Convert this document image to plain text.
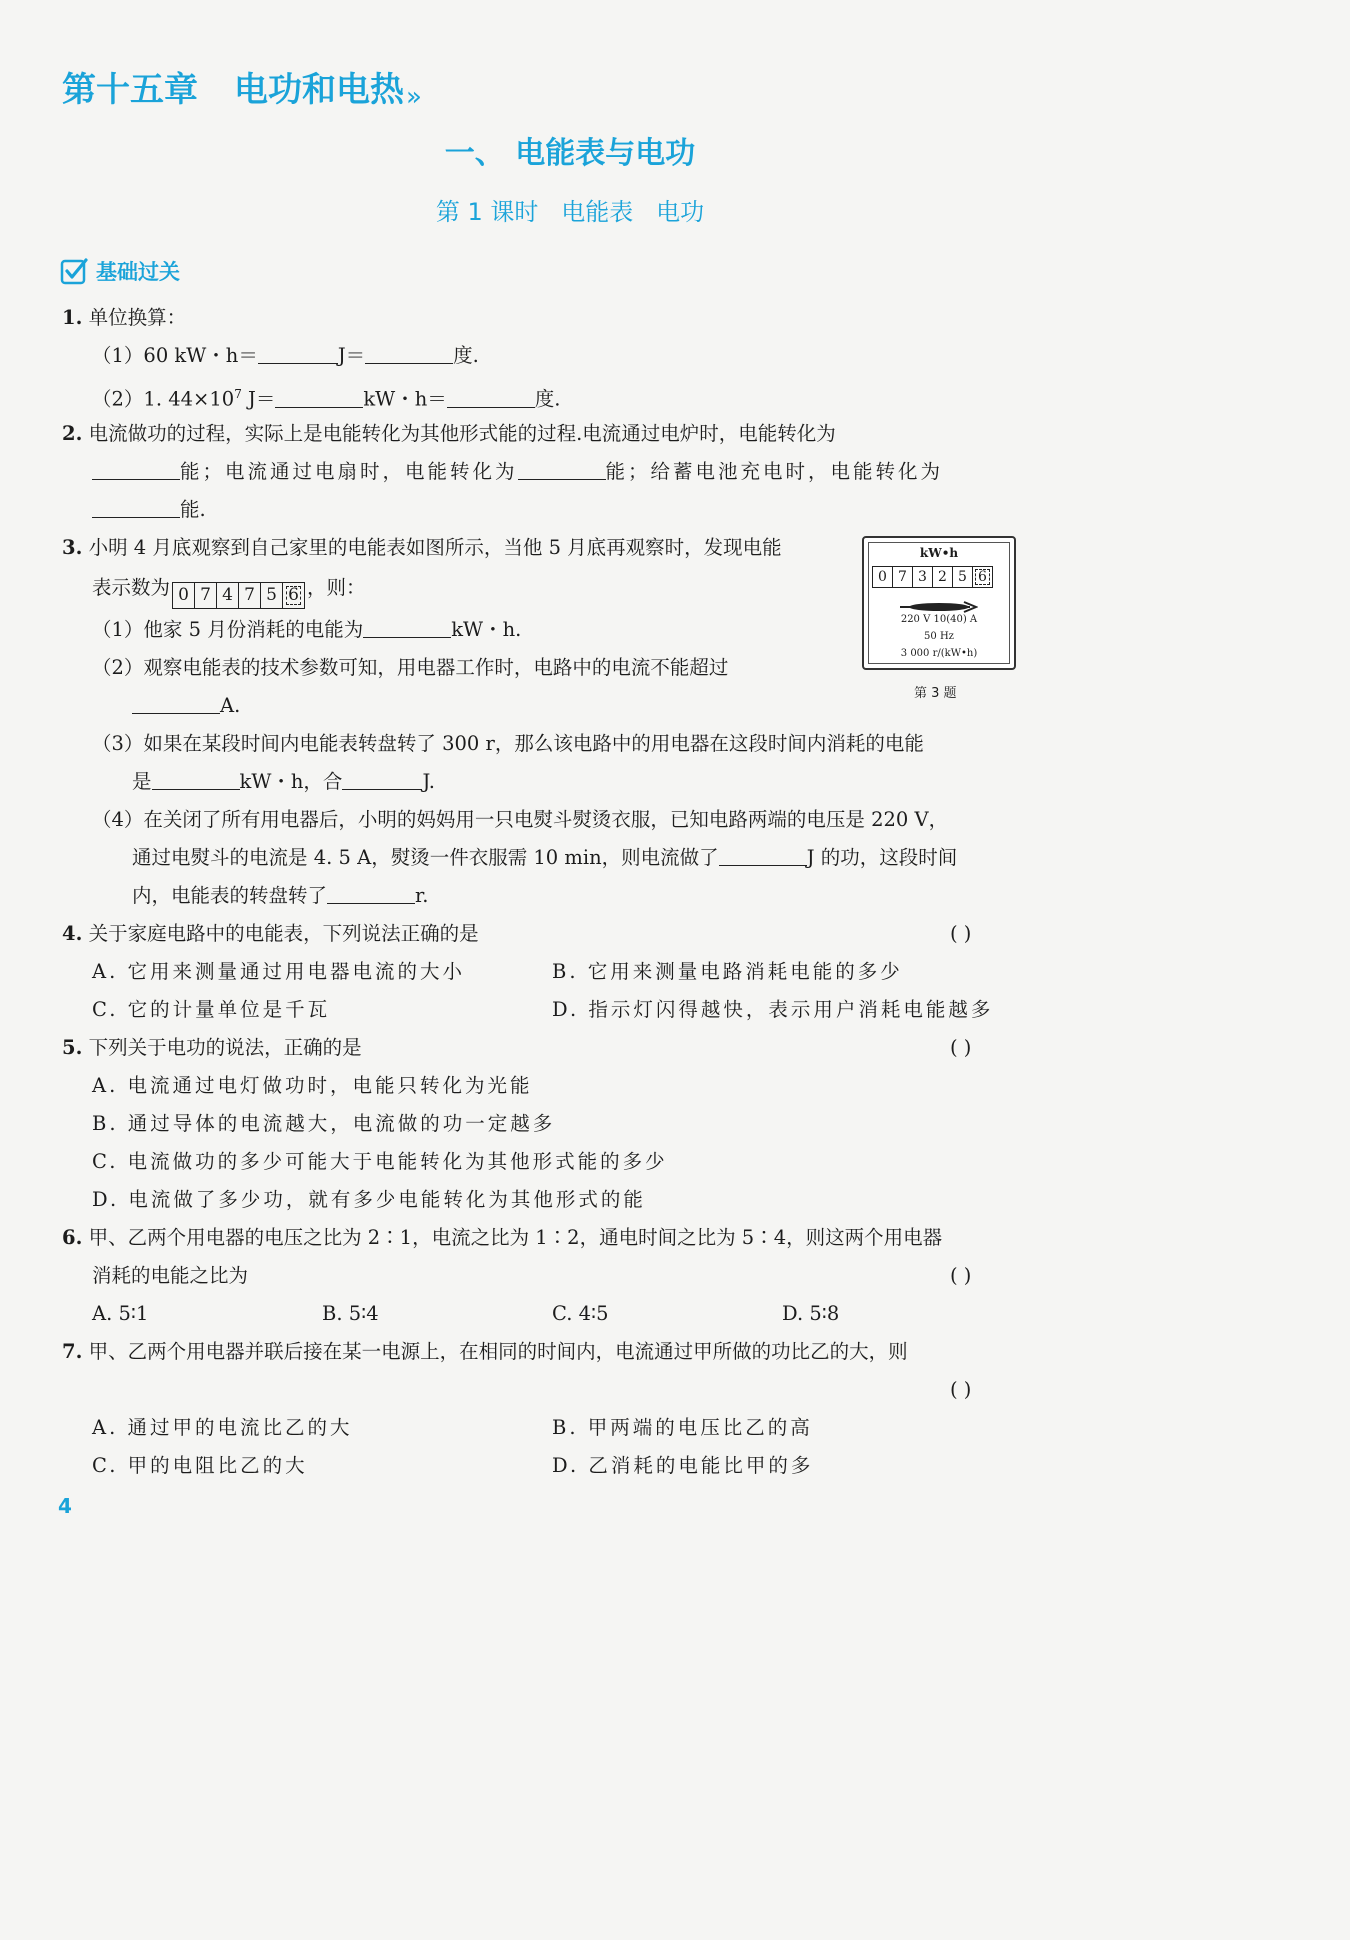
第十五章 电功和电热»
一、 电能表与电功
第 1 课时   电能表   电功
基础过关
1. 单位换算：
（1）60 kW・h＝	J＝	度.
（2）1. $44\times 10^7$ J＝	kW・h＝	度.
2. 电流做功的过程，实际上是电能转化为其他形式能的过程.电流通过电炉时，电能转化为
能；电流通过电扇时，电能转化为	能；给蓄电池充电时，电能转化为
能.
3. 小明 4 月底观察到自己家里的电能表如图所示，当他 5 月底再观察时，发现电能
表示数为 0 7 4 7 5 6 ，则：
（1）他家 5 月份消耗的电能为	kW・h.
（2）观察电能表的技术参数可知，用电器工作时，电路中的电流不能超过
A.
（3）如果在某段时间内电能表转盘转了 300 r，那么该电路中的用电器在这段时间内消耗的电能
是	kW・h，合	J.
（4）在关闭了所有用电器后，小明的妈妈用一只电熨斗熨烫衣服，已知电路两端的电压是 220 V，
通过电熨斗的电流是 4. 5 A，熨烫一件衣服需 10 min，则电流做了	J 的功，这段时间
内，电能表的转盘转了	r.
kW•h
0 7 3 2 5 6
220 V 10(40) A
50 Hz
3 000 r/(kW•h)
第 3 题
4. 关于家庭电路中的电能表，下列说法正确的是	( )
A. 它用来测量通过用电器电流的大小	B. 它用来测量电路消耗电能的多少
C. 它的计量单位是千瓦	D. 指示灯闪得越快，表示用户消耗电能越多
5. 下列关于电功的说法，正确的是	( )
A. 电流通过电灯做功时，电能只转化为光能
B. 通过导体的电流越大，电流做的功一定越多
C. 电流做功的多少可能大于电能转化为其他形式能的多少
D. 电流做了多少功，就有多少电能转化为其他形式的能
6. 甲、乙两个用电器的电压之比为 2∶1，电流之比为 1∶2，通电时间之比为 5∶4，则这两个用电器
消耗的电能之比为	( )
A. 5∶1	B. 5∶4	C. 4∶5	D. 5∶8
7. 甲、乙两个用电器并联后接在某一电源上，在相同的时间内，电流通过甲所做的功比乙的大，则
( )
A. 通过甲的电流比乙的大	B. 甲两端的电压比乙的高
C. 甲的电阻比乙的大	D. 乙消耗的电能比甲的多
4
